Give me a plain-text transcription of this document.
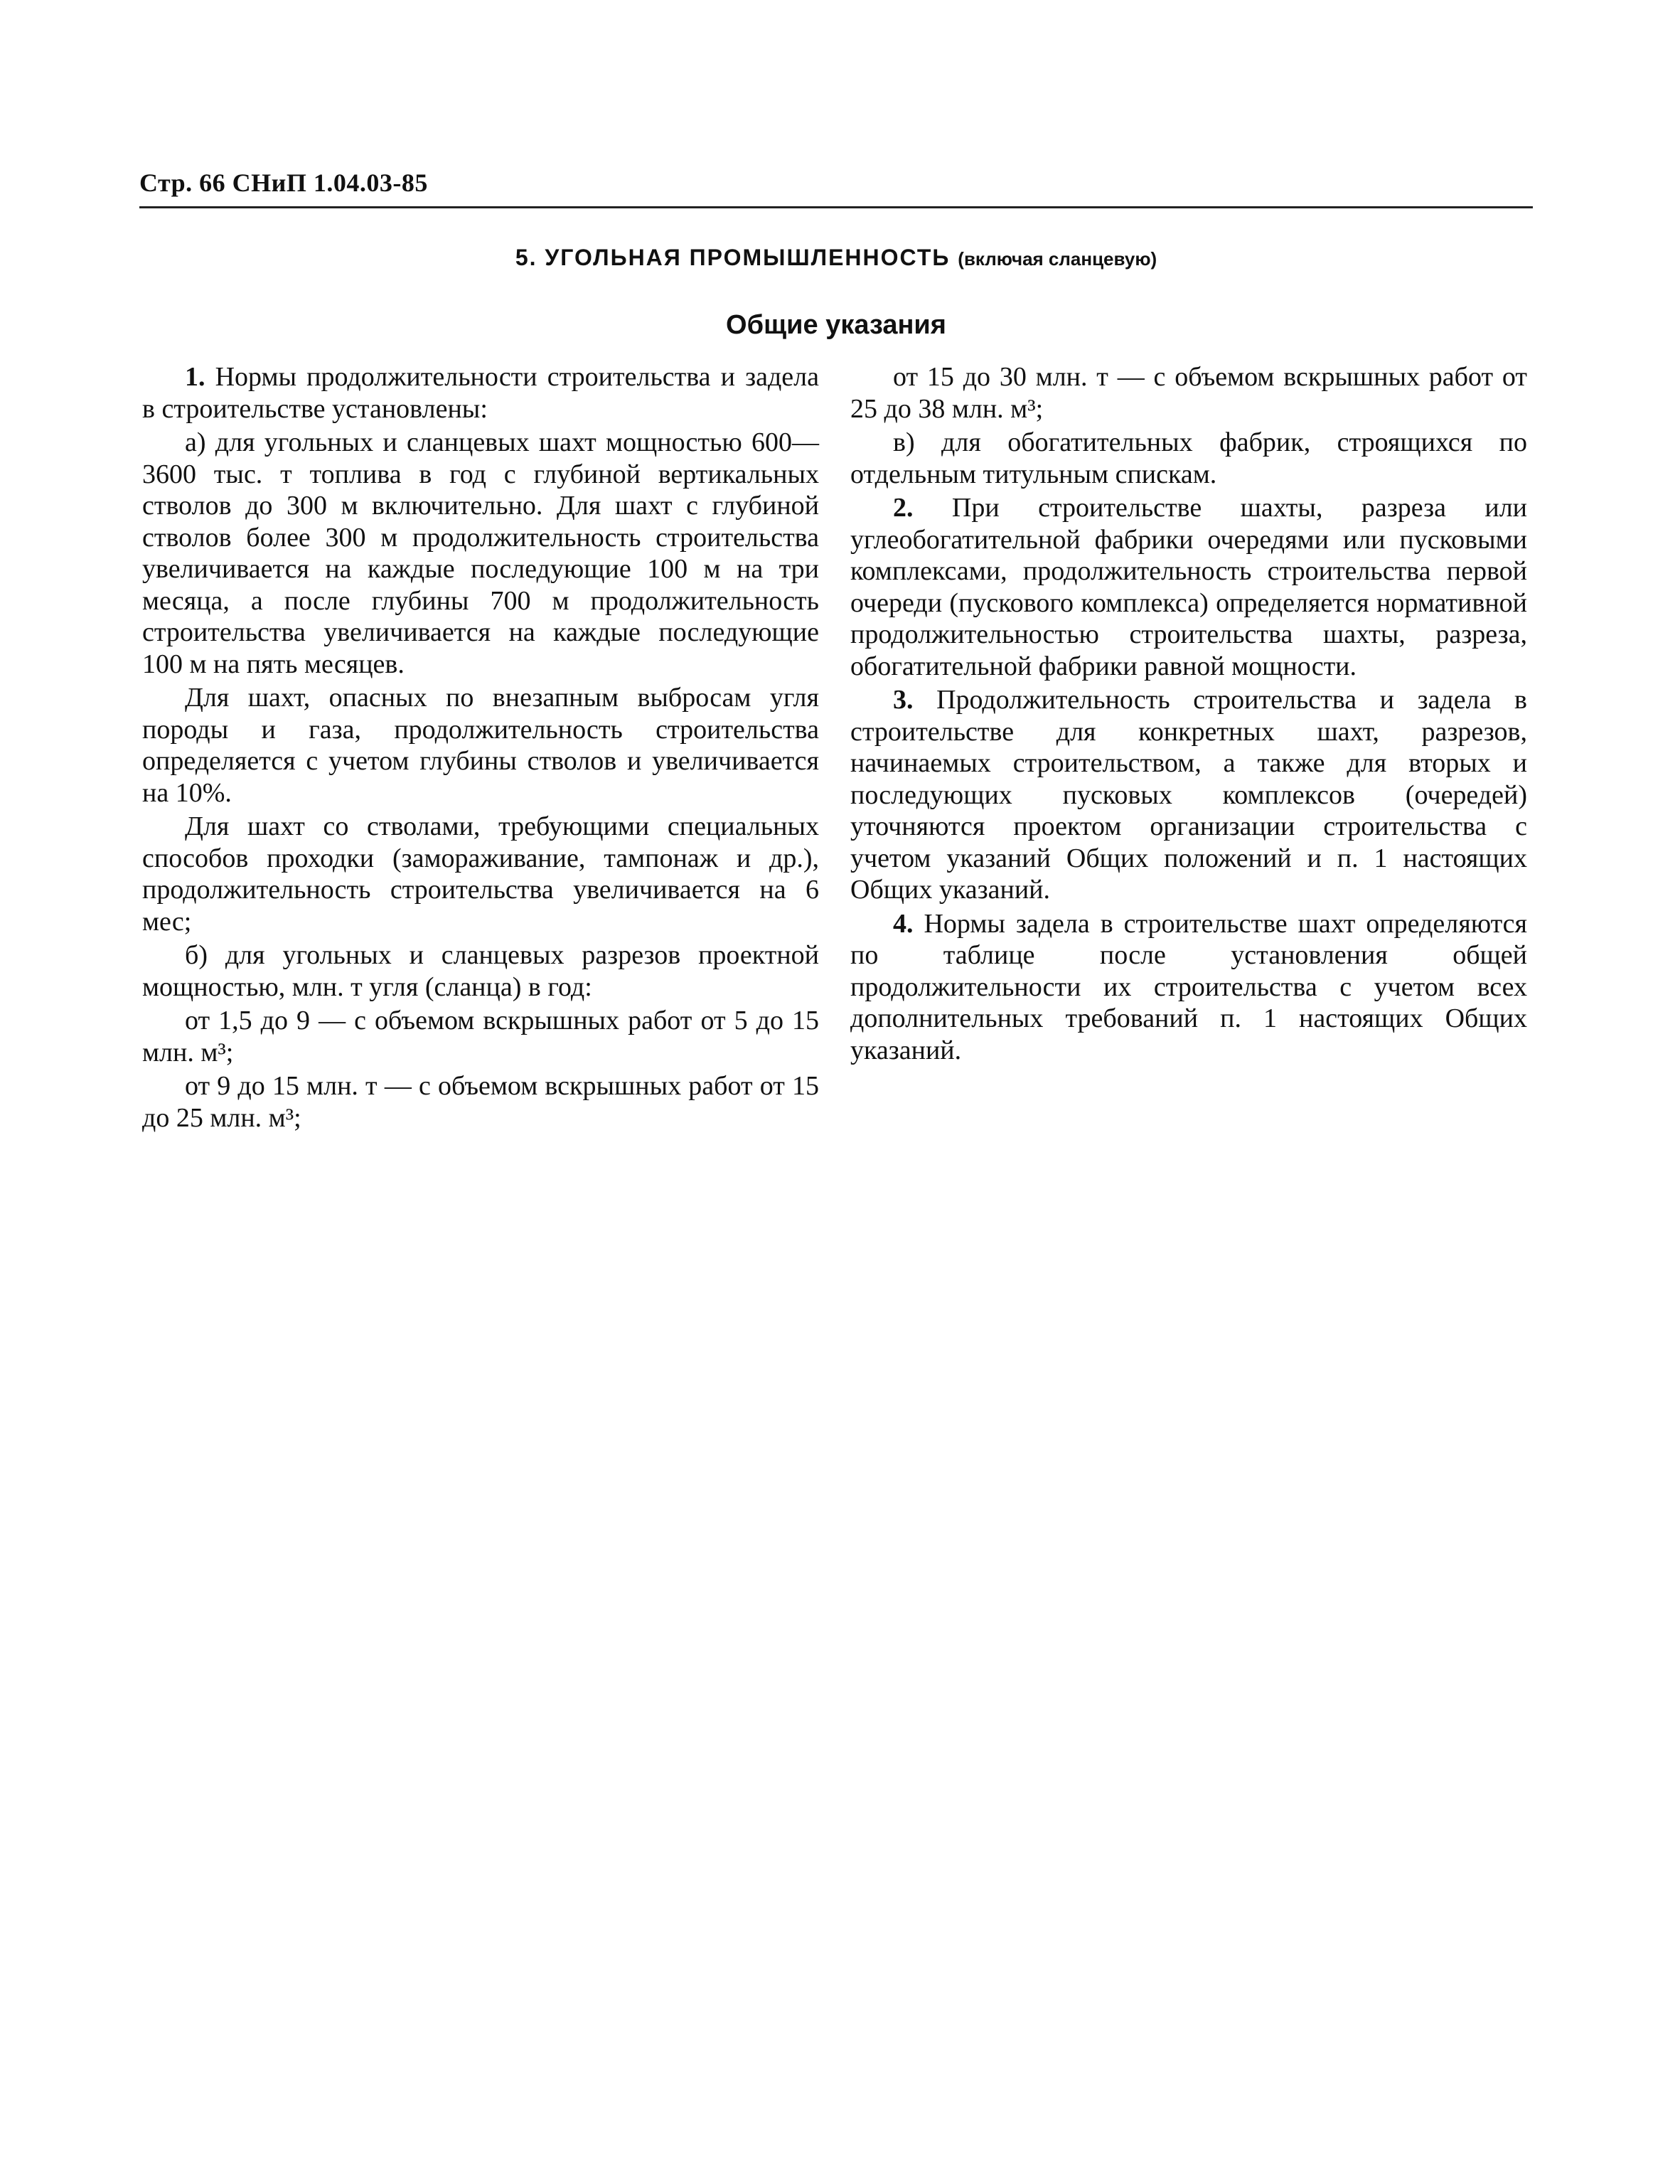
Стр. 66 СНиП 1.04.03-85
5. УГОЛЬНАЯ ПРОМЫШЛЕННОСТЬ (включая сланцевую)
Общие указания

1. Нормы продолжительности строительства и задела в строительстве установлены:

а) для угольных и сланцевых шахт мощностью 600—3600 тыс. т топлива в год с глубиной вертикальных стволов до 300 м включительно. Для шахт с глубиной стволов более 300 м продолжительность строительства увеличивается на каждые последующие 100 м на три месяца, а после глубины 700 м продолжительность строительства увеличивается на каждые последующие 100 м на пять месяцев.

Для шахт, опасных по внезапным выбросам угля породы и газа, продолжительность строительства определяется с учетом глубины стволов и увеличивается на 10%.

Для шахт со стволами, требующими специальных способов проходки (замораживание, тампонаж и др.), продолжительность строительства увеличивается на 6 мес;

б) для угольных и сланцевых разрезов проектной мощностью, млн. т угля (сланца) в год:

от 1,5 до 9 — с объемом вскрышных работ от 5 до 15 млн. м³;

от 9 до 15 млн. т — с объемом вскрышных работ от 15 до 25 млн. м³;

от 15 до 30 млн. т — с объемом вскрышных работ от 25 до 38 млн. м³;

в) для обогатительных фабрик, строящихся по отдельным титульным спискам.

2. При строительстве шахты, разреза или углеобогатительной фабрики очередями или пусковыми комплексами, продолжительность строительства первой очереди (пускового комплекса) определяется нормативной продолжительностью строительства шахты, разреза, обогатительной фабрики равной мощности.

3. Продолжительность строительства и задела в строительстве для конкретных шахт, разрезов, начинаемых строительством, а также для вторых и последующих пусковых комплексов (очередей) уточняются проектом организации строительства с учетом указаний Общих положений и п. 1 настоящих Общих указаний.

4. Нормы задела в строительстве шахт определяются по таблице после установления общей продолжительности их строительства с учетом всех дополнительных требований п. 1 настоящих Общих указаний.
